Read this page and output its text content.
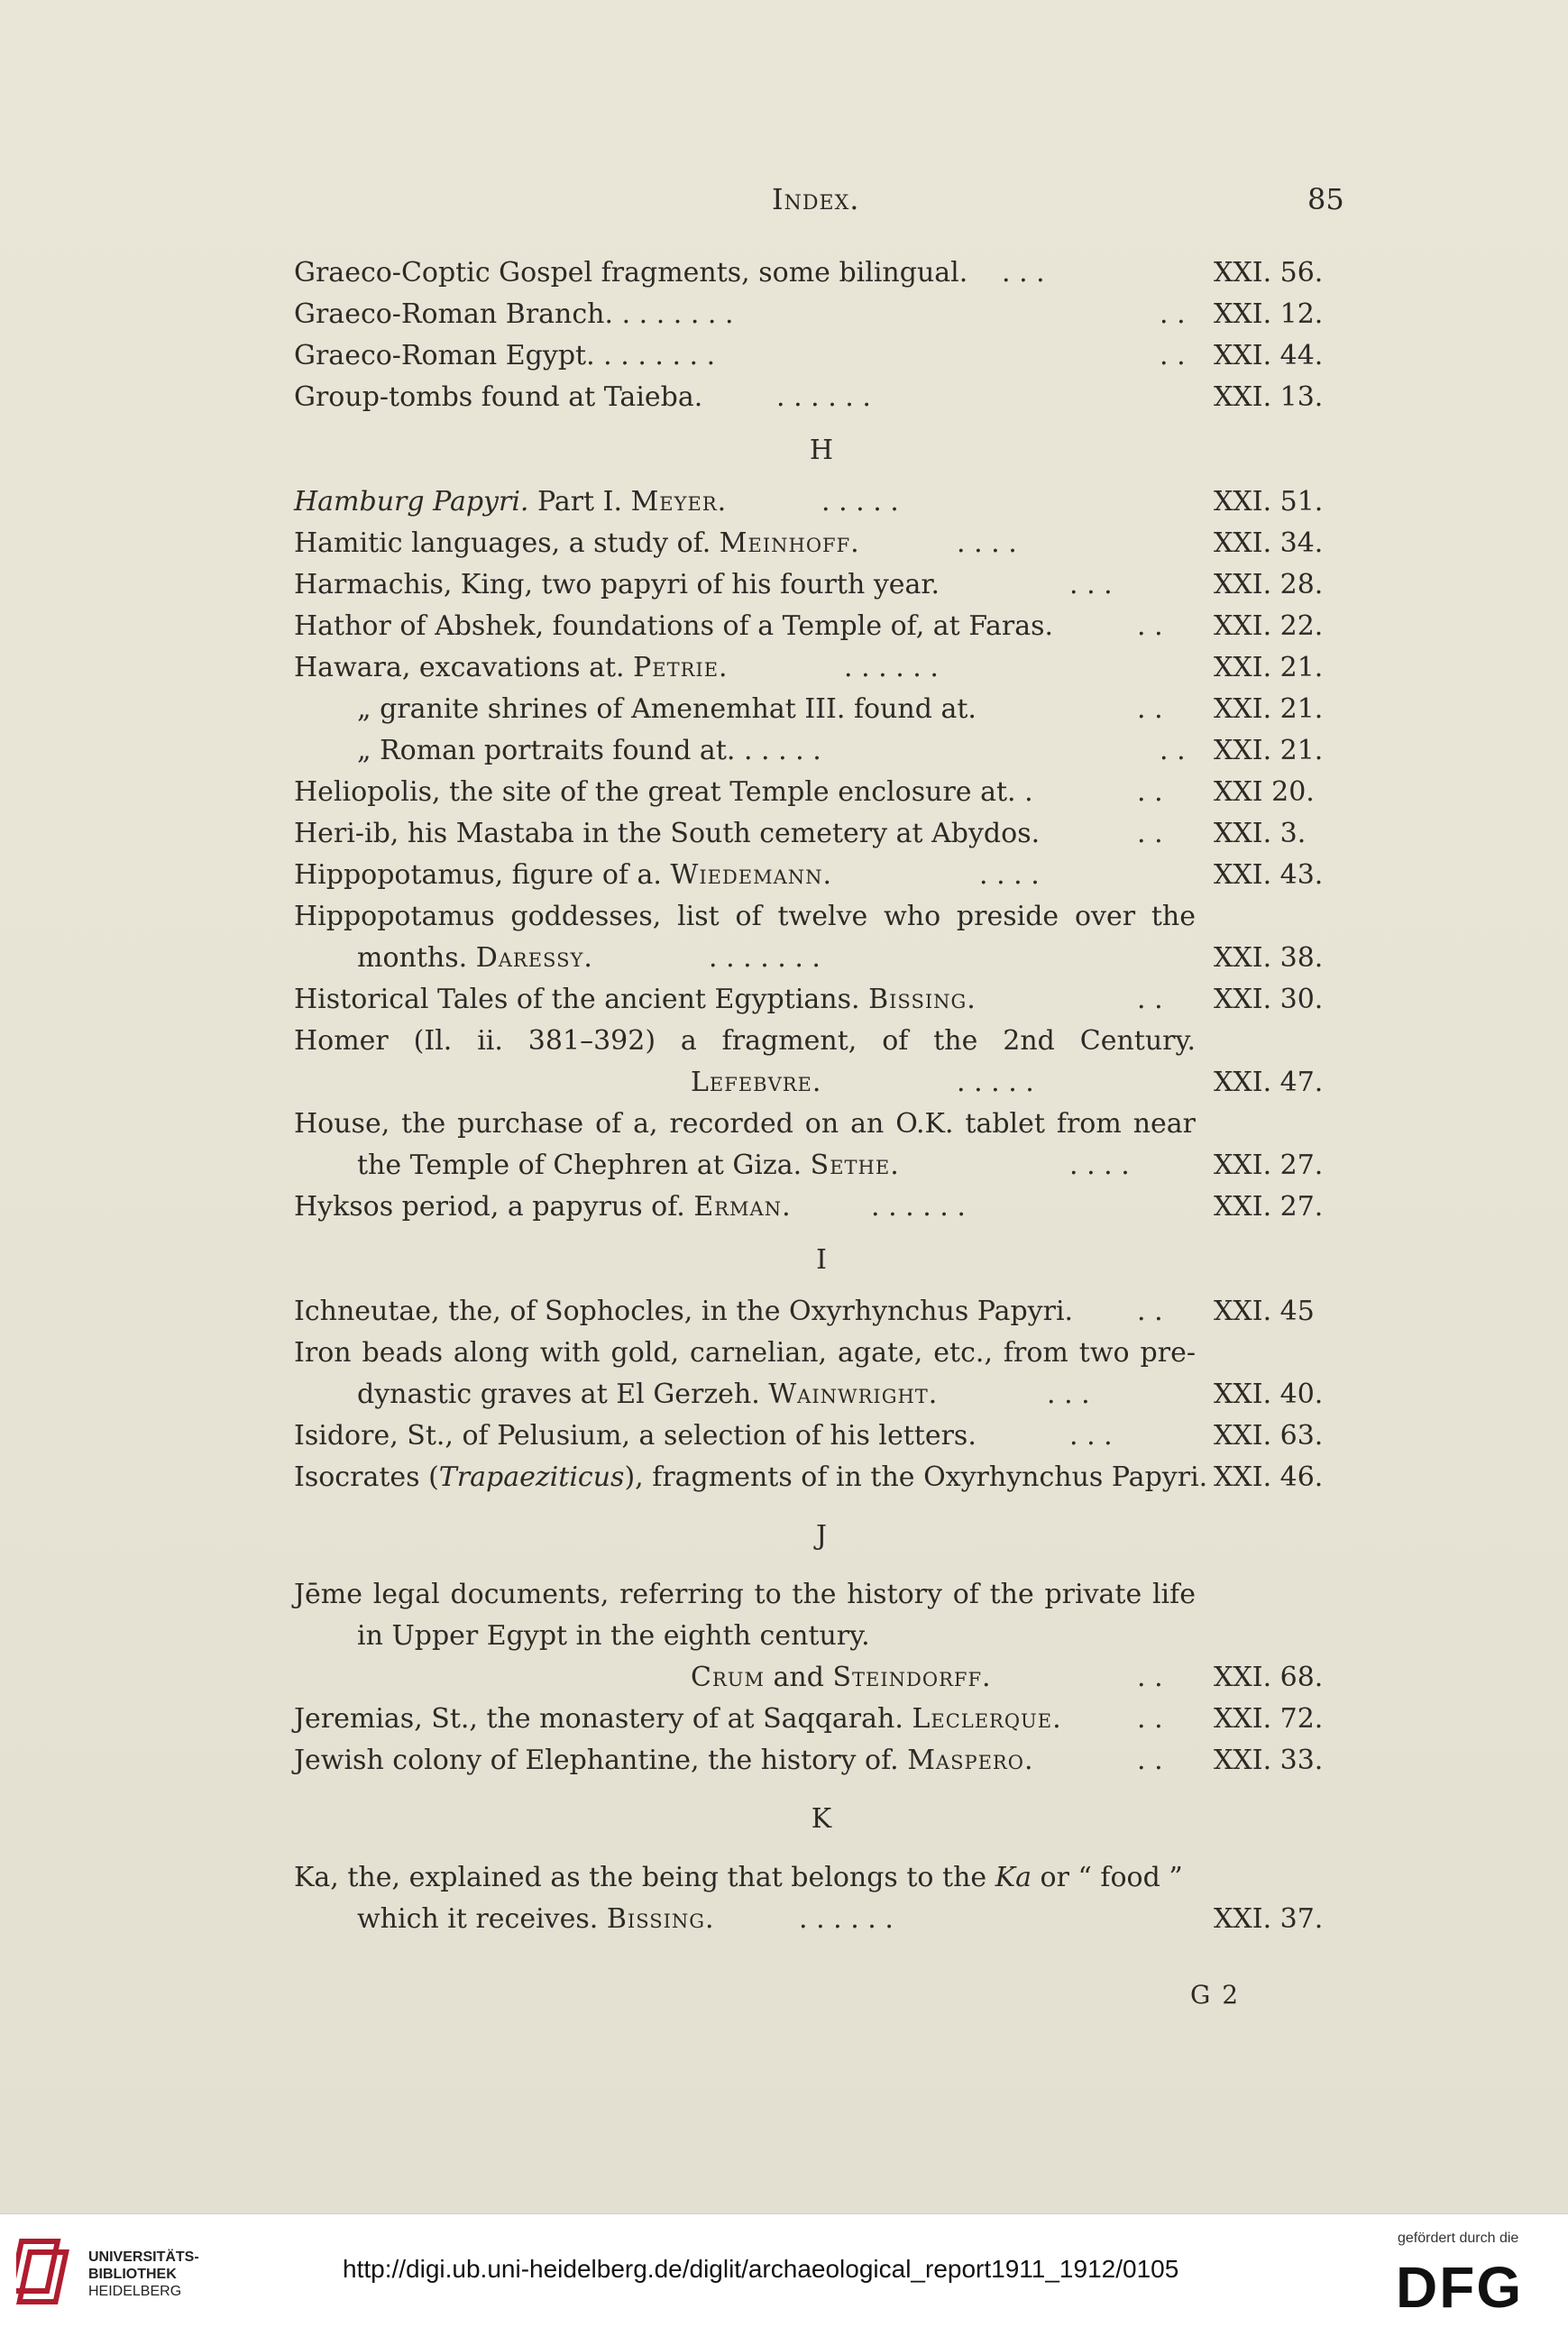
Index.	85
Graeco-Coptic Gospel fragments, some bilingual. . . .	XXI. 56.
Graeco-Roman Branch. . . . . . . .	. .	XXI. 12.
Graeco-Roman Egypt. . . . . . . .	. .	XXI. 44.
Group-tombs found at Taieba.	. . . . . .	XXI. 13.
H
Hamburg Papyri. Part I. Meyer.	. . . . .	XXI. 51.
Hamitic languages, a study of. Meinhoff.	. . . .	XXI. 34.
Harmachis, King, two papyri of his fourth year.	. . .	XXI. 28.
Hathor of Abshek, foundations of a Temple of, at Faras.	. .	XXI. 22.
Hawara, excavations at. Petrie.	. . . . . .	XXI. 21.
„ granite shrines of Amenemhat III. found at.	. .	XXI. 21.
„ Roman portraits found at. . . . . .	. .	XXI. 21.
Heliopolis, the site of the great Temple enclosure at. .	. .	XXI 20.
Heri-ib, his Mastaba in the South cemetery at Abydos.	. .	XXI. 3.
Hippopotamus, figure of a. Wiedemann.	. . . .	XXI. 43.
Hippopotamus goddesses, list of twelve who preside over the
months. Daressy.	. . . . . . .	XXI. 38.
Historical Tales of the ancient Egyptians. Bissing.	. .	XXI. 30.
Homer (Il. ii. 381–392) a fragment, of the 2nd Century.
Lefebvre.	. . . . .	XXI. 47.
House, the purchase of a, recorded on an O.K. tablet from near
the Temple of Chephren at Giza. Sethe.	. . . .	XXI. 27.
Hyksos period, a papyrus of. Erman.	. . . . . .	XXI. 27.
I
Ichneutae, the, of Sophocles, in the Oxyrhynchus Papyri. . .	XXI. 45
Iron beads along with gold, carnelian, agate, etc., from two pre-
dynastic graves at El Gerzeh. Wainwright.	. . .	XXI. 40.
Isidore, St., of Pelusium, a selection of his letters.	. . .	XXI. 63.
Isocrates (Trapaeziticus), fragments of in the Oxyrhynchus Papyri. XXI. 46.
J
Jēme legal documents, referring to the history of the private life
in Upper Egypt in the eighth century.
Crum and Steindorff.	. .	XXI. 68.
Jeremias, St., the monastery of at Saqqarah. Leclerque.	. .	XXI. 72.
Jewish colony of Elephantine, the history of. Maspero.	. .	XXI. 33.
K
Ka, the, explained as the being that belongs to the Ka or “ food ”
which it receives. Bissing.	. . . . . .	XXI. 37.
G 2
UNIVERSITÄTS-
BIBLIOTHEK
HEIDELBERG
http://digi.ub.uni-heidelberg.de/diglit/archaeological_report1911_1912/0105
gefördert durch die
DFG
